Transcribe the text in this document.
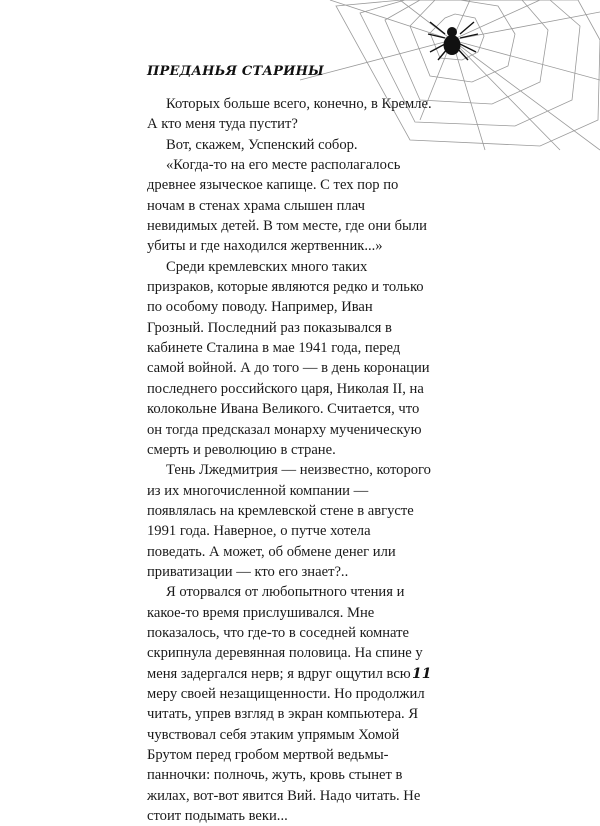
ПРЕДАНЬЯ СТАРИНЫ

Которых больше всего, конечно, в Кремле. А кто меня туда пустит?

Вот, скажем, Успенский собор.

«Когда-то на его месте располагалось древнее языческое капище. С тех пор по ночам в стенах храма слышен плач невидимых детей. В том месте, где они были убиты и где находился жертвенник...»

Среди кремлевских много таких призраков, которые являются редко и только по особому поводу. Например, Иван Грозный. Последний раз показывался в кабинете Сталина в мае 1941 года, перед самой войной. А до того — в день коронации последнего российского царя, Николая II, на колокольне Ивана Великого. Считается, что он тогда предсказал монарху мученическую смерть и революцию в стране.

Тень Лжедмитрия — неизвестно, которого из их многочисленной компании — появлялась на кремлевской стене в августе 1991 года. Наверное, о путче хотела поведать. А может, об обмене денег или приватизации — кто его знает?..

Я оторвался от любопытного чтения и какое-то время прислушивался. Мне показалось, что где-то в соседней комнате скрипнула деревянная половица. На спине у меня задергался нерв; я вдруг ощутил всю меру своей незащищенности. Но продолжил читать, упрев взгляд в экран компьютера. Я чувствовал себя этаким упрямым Хомой Брутом перед гробом мертвой ведьмы-панночки: полночь, жуть, кровь стынет в жилах, вот-вот явится Вий. Надо читать. Не стоит подымать веки...

11
